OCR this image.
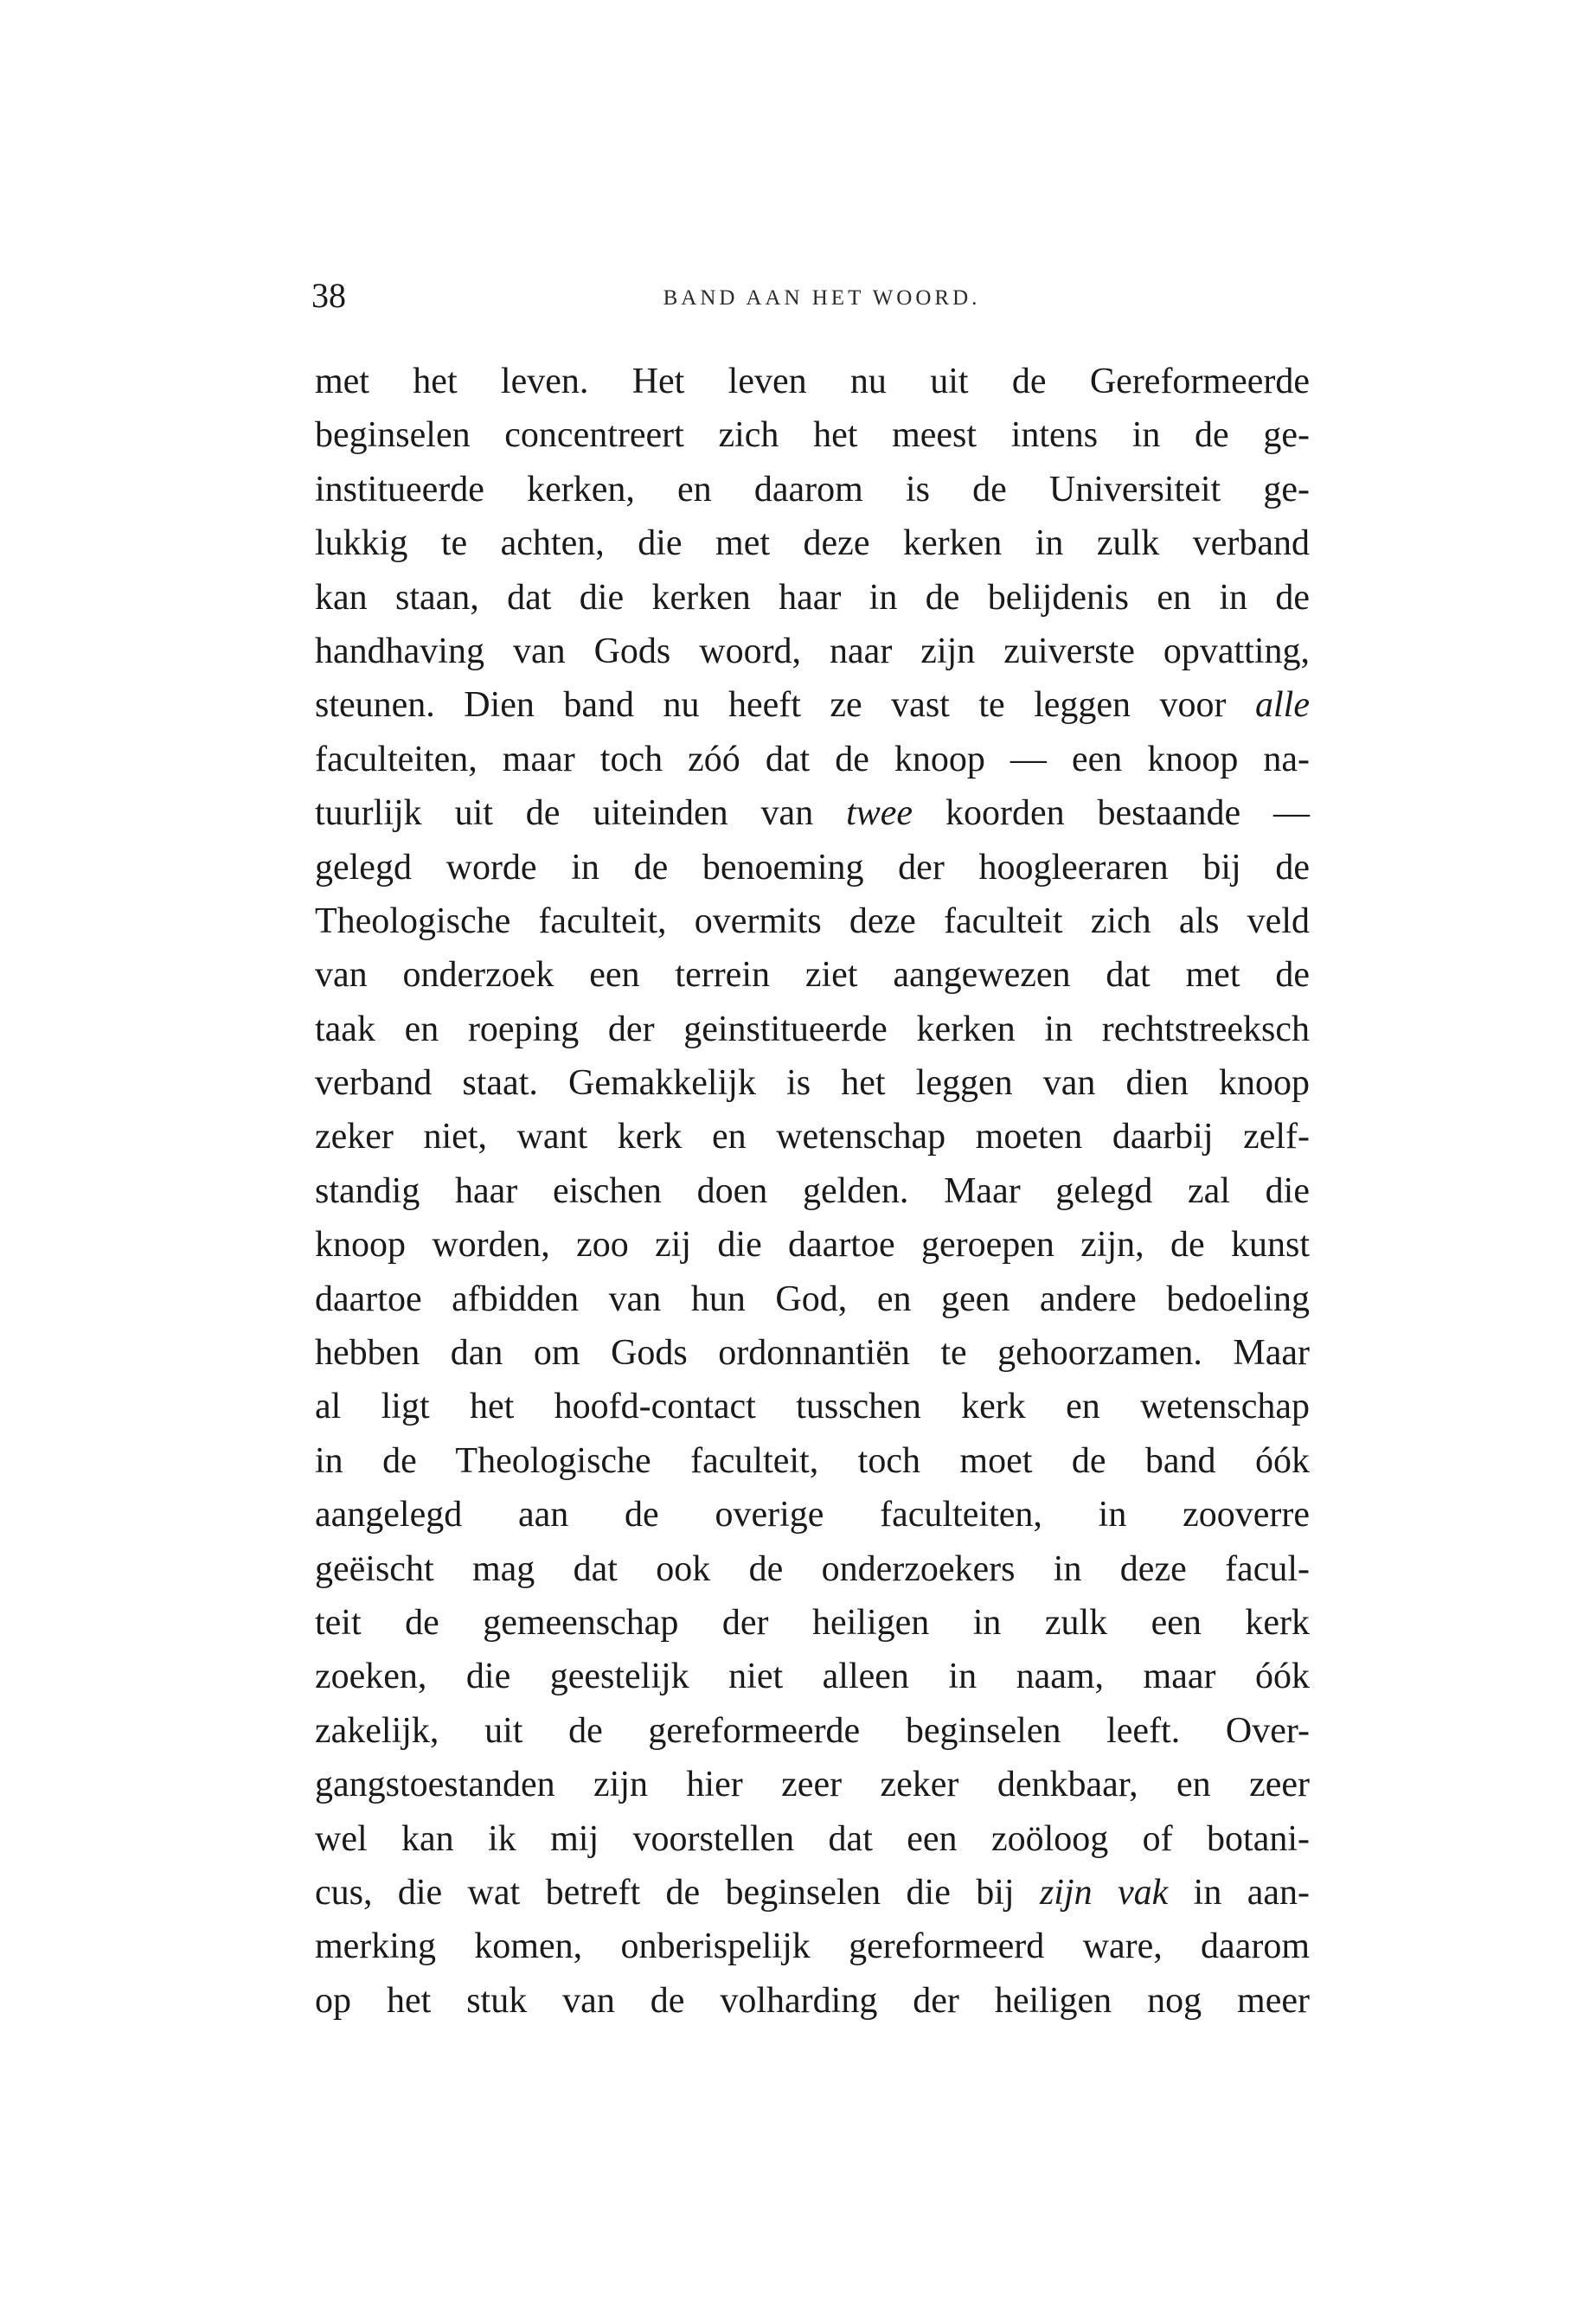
38	BAND AAN HET WOORD.
met het leven. Het leven nu uit de Gereformeerde
beginselen concentreert zich het meest intens in de ge-
institueerde kerken, en daarom is de Universiteit ge-
lukkig te achten, die met deze kerken in zulk verband
kan staan, dat die kerken haar in de belijdenis en in de
handhaving van Gods woord, naar zijn zuiverste opvatting,
steunen. Dien band nu heeft ze vast te leggen voor alle
faculteiten, maar toch zóó dat de knoop — een knoop na-
tuurlijk uit de uiteinden van twee koorden bestaande —
gelegd worde in de benoeming der hoogleeraren bij de
Theologische faculteit, overmits deze faculteit zich als veld
van onderzoek een terrein ziet aangewezen dat met de
taak en roeping der geinstitueerde kerken in rechtstreeksch
verband staat. Gemakkelijk is het leggen van dien knoop
zeker niet, want kerk en wetenschap moeten daarbij zelf-
standig haar eischen doen gelden. Maar gelegd zal die
knoop worden, zoo zij die daartoe geroepen zijn, de kunst
daartoe afbidden van hun God, en geen andere bedoeling
hebben dan om Gods ordonnantiën te gehoorzamen. Maar
al ligt het hoofd-contact tusschen kerk en wetenschap
in de Theologische faculteit, toch moet de band óók
aangelegd aan de overige faculteiten, in zooverre
geëischt mag dat ook de onderzoekers in deze facul-
teit de gemeenschap der heiligen in zulk een kerk
zoeken, die geestelijk niet alleen in naam, maar óók
zakelijk, uit de gereformeerde beginselen leeft. Over-
gangstoestanden zijn hier zeer zeker denkbaar, en zeer
wel kan ik mij voorstellen dat een zoöloog of botani-
cus, die wat betreft de beginselen die bij zijn vak in aan-
merking komen, onberispelijk gereformeerd ware, daarom
op het stuk van de volharding der heiligen nog meer
